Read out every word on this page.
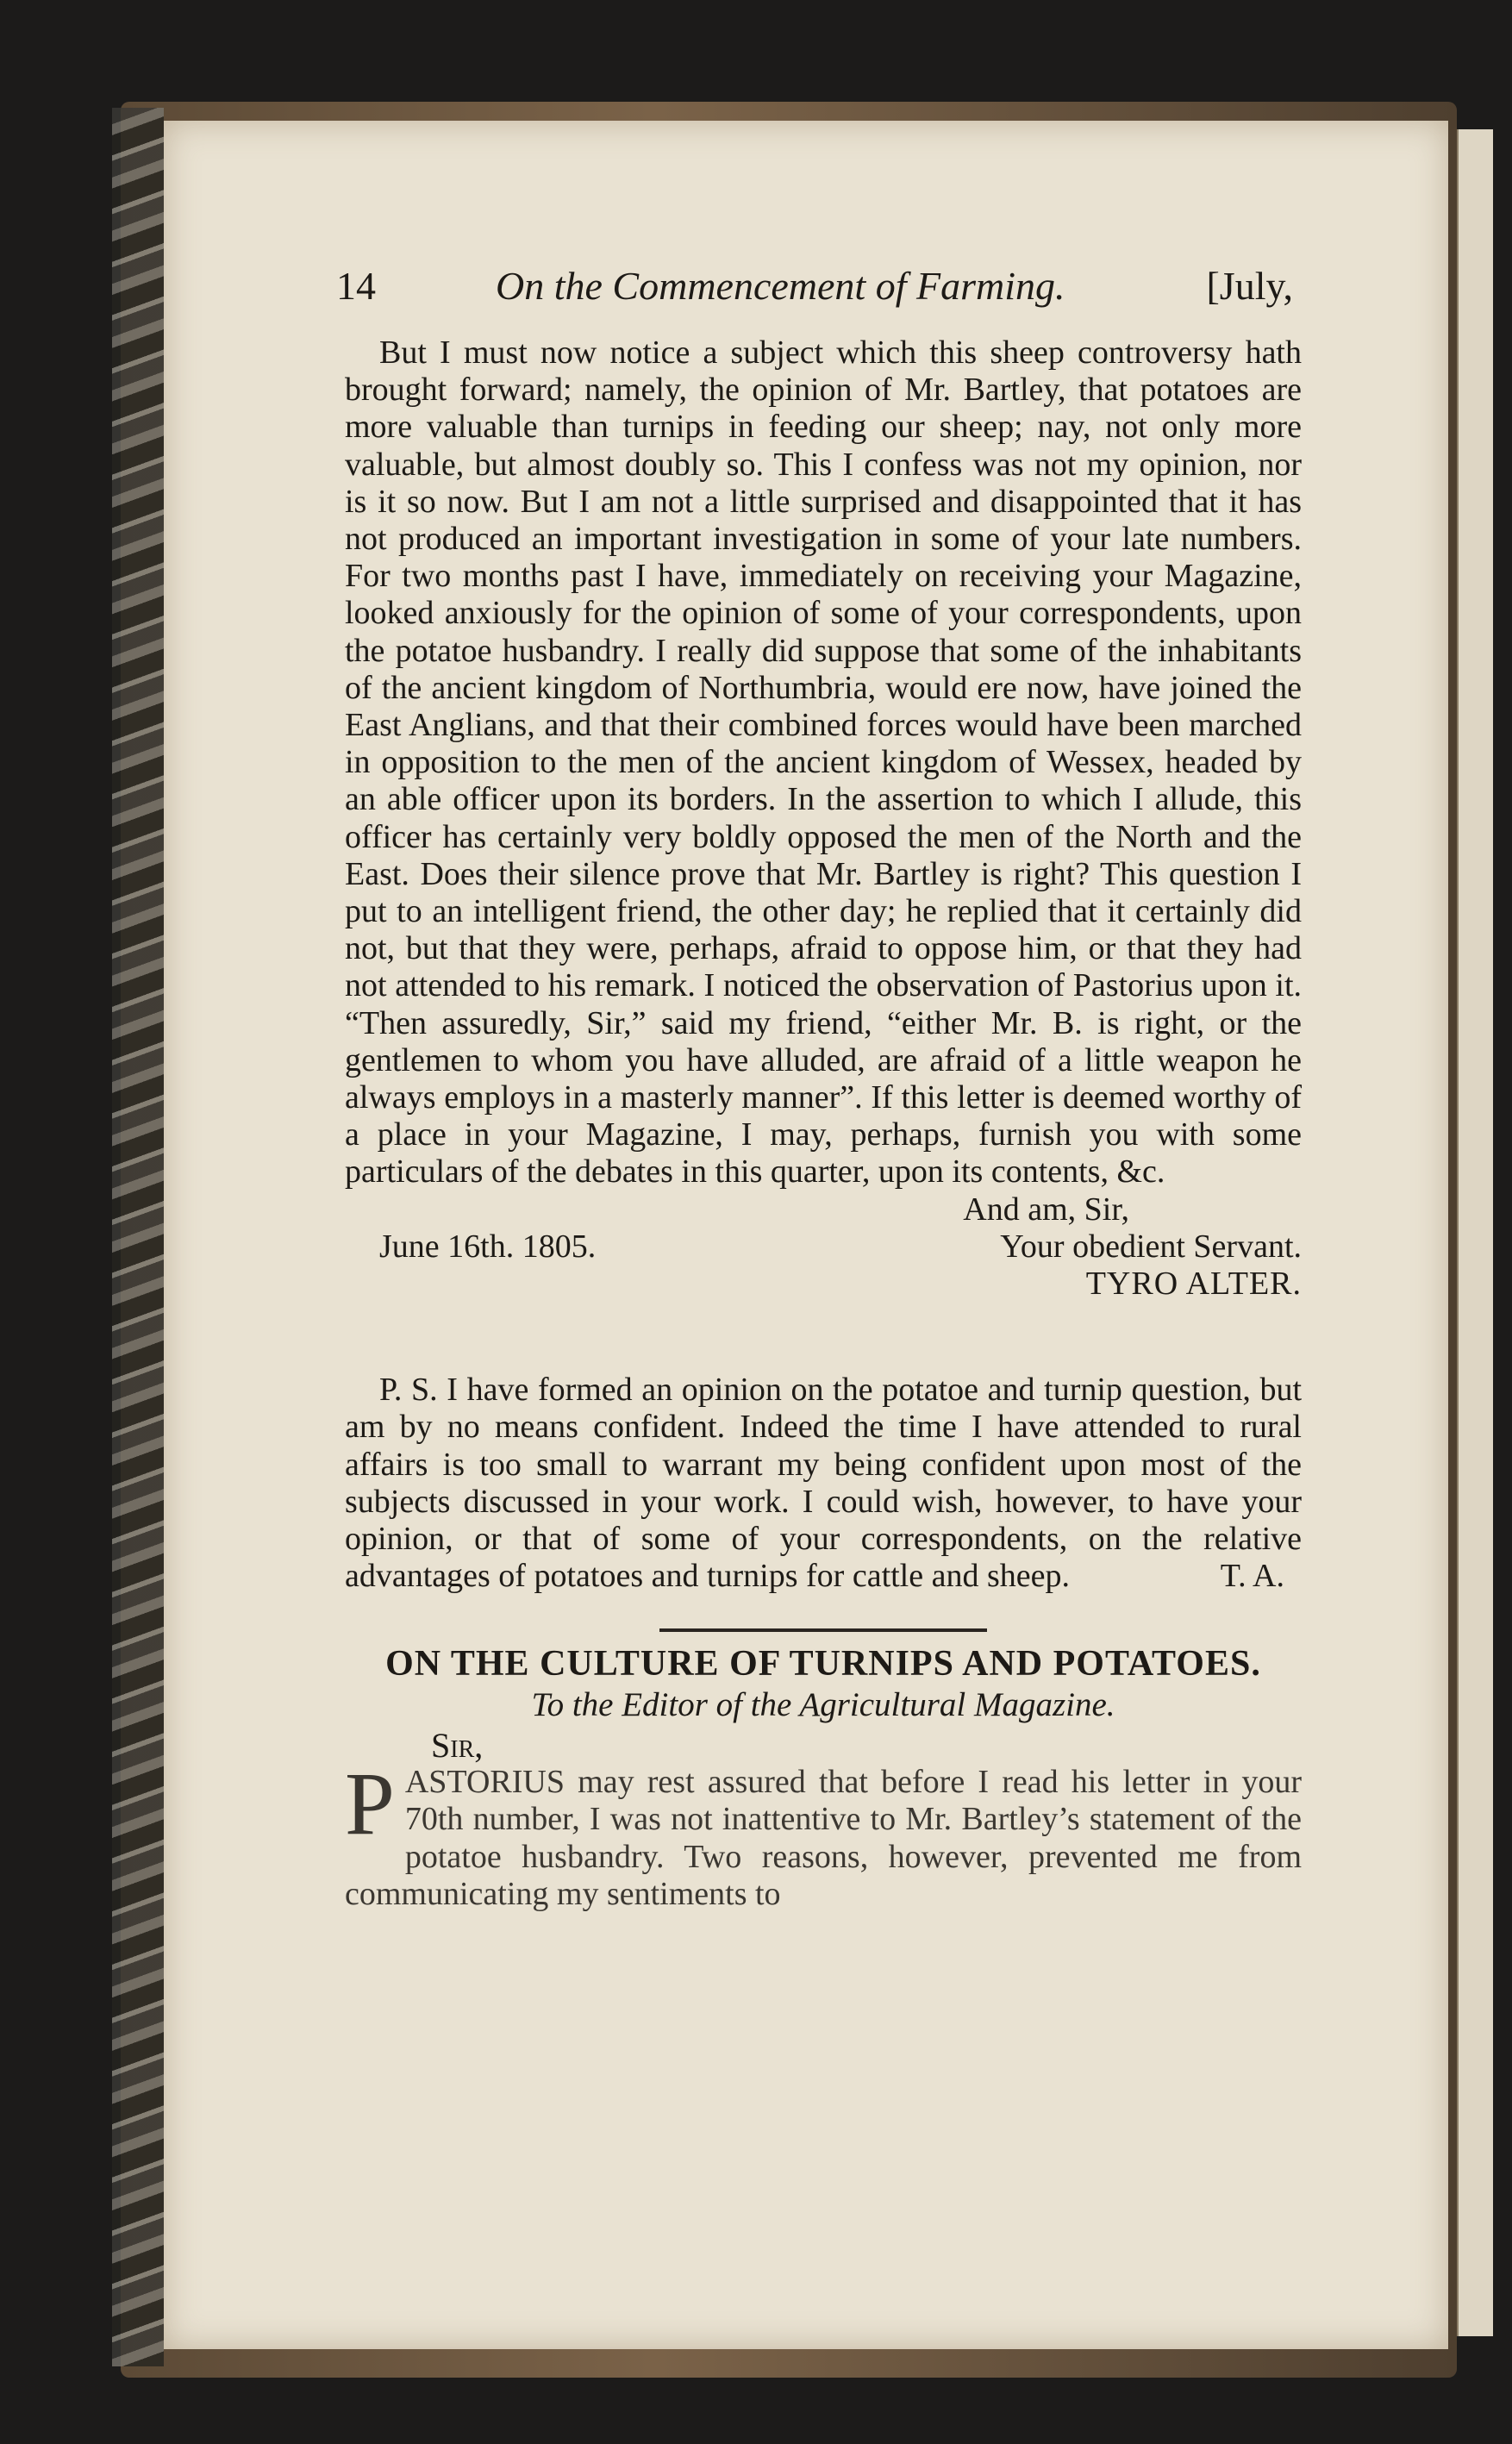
14	On the Commencement of Farming.	[July,

But I must now notice a subject which this sheep controversy hath brought forward; namely, the opinion of Mr. Bartley, that potatoes are more valuable than turnips in feeding our sheep; nay, not only more valuable, but almost doubly so. This I confess was not my opinion, nor is it so now. But I am not a little surprised and disappointed that it has not produced an important investigation in some of your late numbers. For two months past I have, immediately on receiving your Magazine, looked anxiously for the opinion of some of your correspondents, upon the potatoe husbandry. I really did suppose that some of the inhabitants of the ancient kingdom of Northumbria, would ere now, have joined the East Anglians, and that their combined forces would have been marched in opposition to the men of the ancient kingdom of Wessex, headed by an able officer upon its borders. In the assertion to which I allude, this officer has certainly very boldly opposed the men of the North and the East. Does their silence prove that Mr. Bartley is right? This question I put to an intelligent friend, the other day; he replied that it certainly did not, but that they were, perhaps, afraid to oppose him, or that they had not attended to his remark. I noticed the observation of Pastorius upon it. “Then assuredly, Sir,” said my friend, “either Mr. B. is right, or the gentlemen to whom you have alluded, are afraid of a little weapon he always employs in a masterly manner”. If this letter is deemed worthy of a place in your Magazine, I may, perhaps, furnish you with some particulars of the debates in this quarter, upon its contents, &c.

And am, Sir,
June 16th. 1805.	Your obedient Servant.
TYRO ALTER.

P. S. I have formed an opinion on the potatoe and turnip question, but am by no means confident. Indeed the time I have attended to rural affairs is too small to warrant my being confident upon most of the subjects discussed in your work. I could wish, however, to have your opinion, or that of some of your correspondents, on the relative advantages of potatoes and turnips for cattle and sheep.	T. A.

ON THE CULTURE OF TURNIPS AND POTATOES.

To the Editor of the Agricultural Magazine.

Sir,

PASTORIUS may rest assured that before I read his letter in your 70th number, I was not inattentive to Mr. Bartley’s statement of the potatoe husbandry. Two reasons, however, prevented me from communicating my sentiments to
